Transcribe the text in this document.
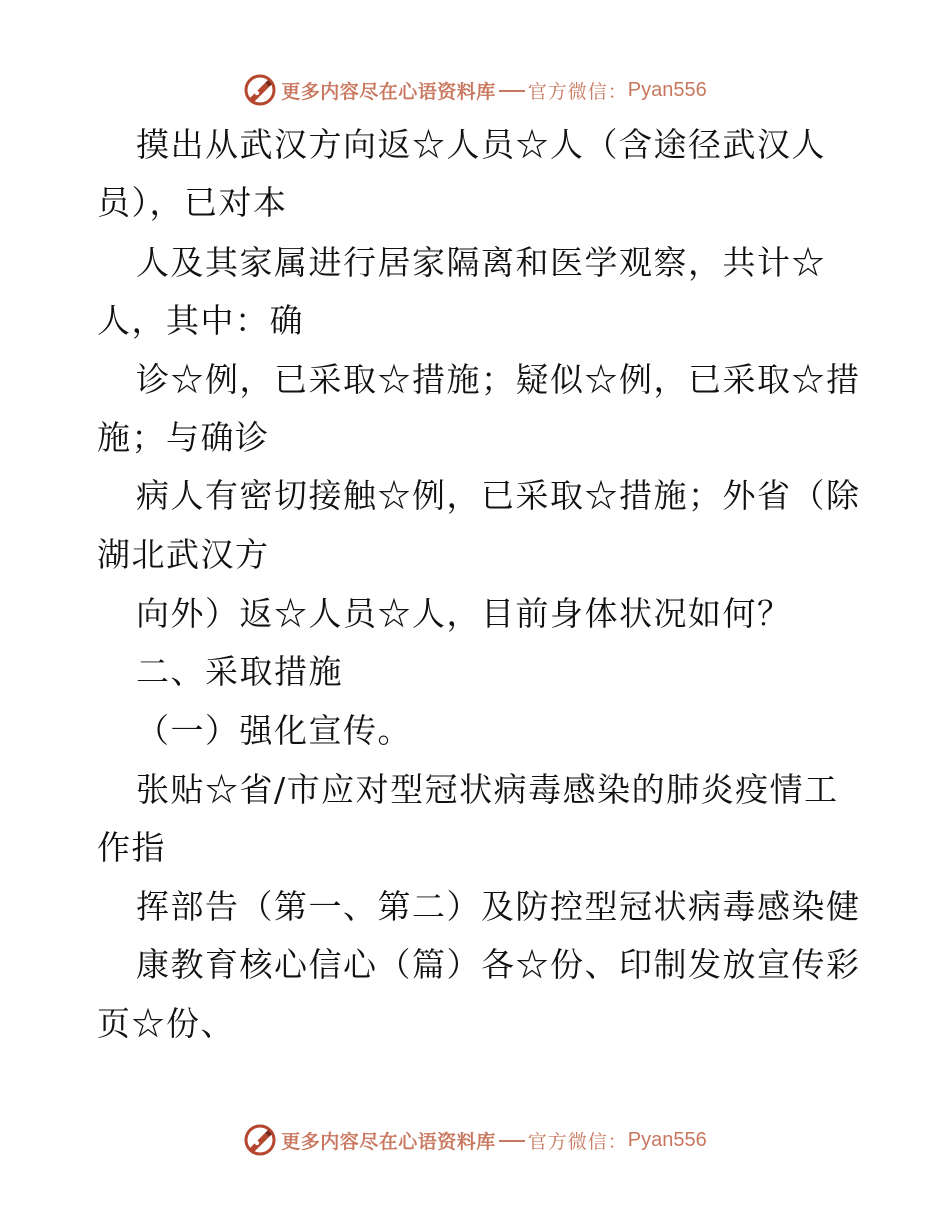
更多内容尽在心语资料库 官方微信： Pyan556
摸出从武汉方向返☆人员☆人（含途径武汉人
员），已对本
人及其家属进行居家隔离和医学观察，共计☆
人，其中：确
诊☆例，已采取☆措施；疑似☆例，已采取☆措
施；与确诊
病人有密切接触☆例，已采取☆措施；外省（除
湖北武汉方
向外）返☆人员☆人，目前身体状况如何？
二、采取措施
（一）强化宣传。
张贴☆省/市应对型冠状病毒感染的肺炎疫情工
作指
挥部告（第一、第二）及防控型冠状病毒感染健
康教育核心信心（篇）各☆份、印制发放宣传彩
页☆份、
更多内容尽在心语资料库 官方微信： Pyan556
